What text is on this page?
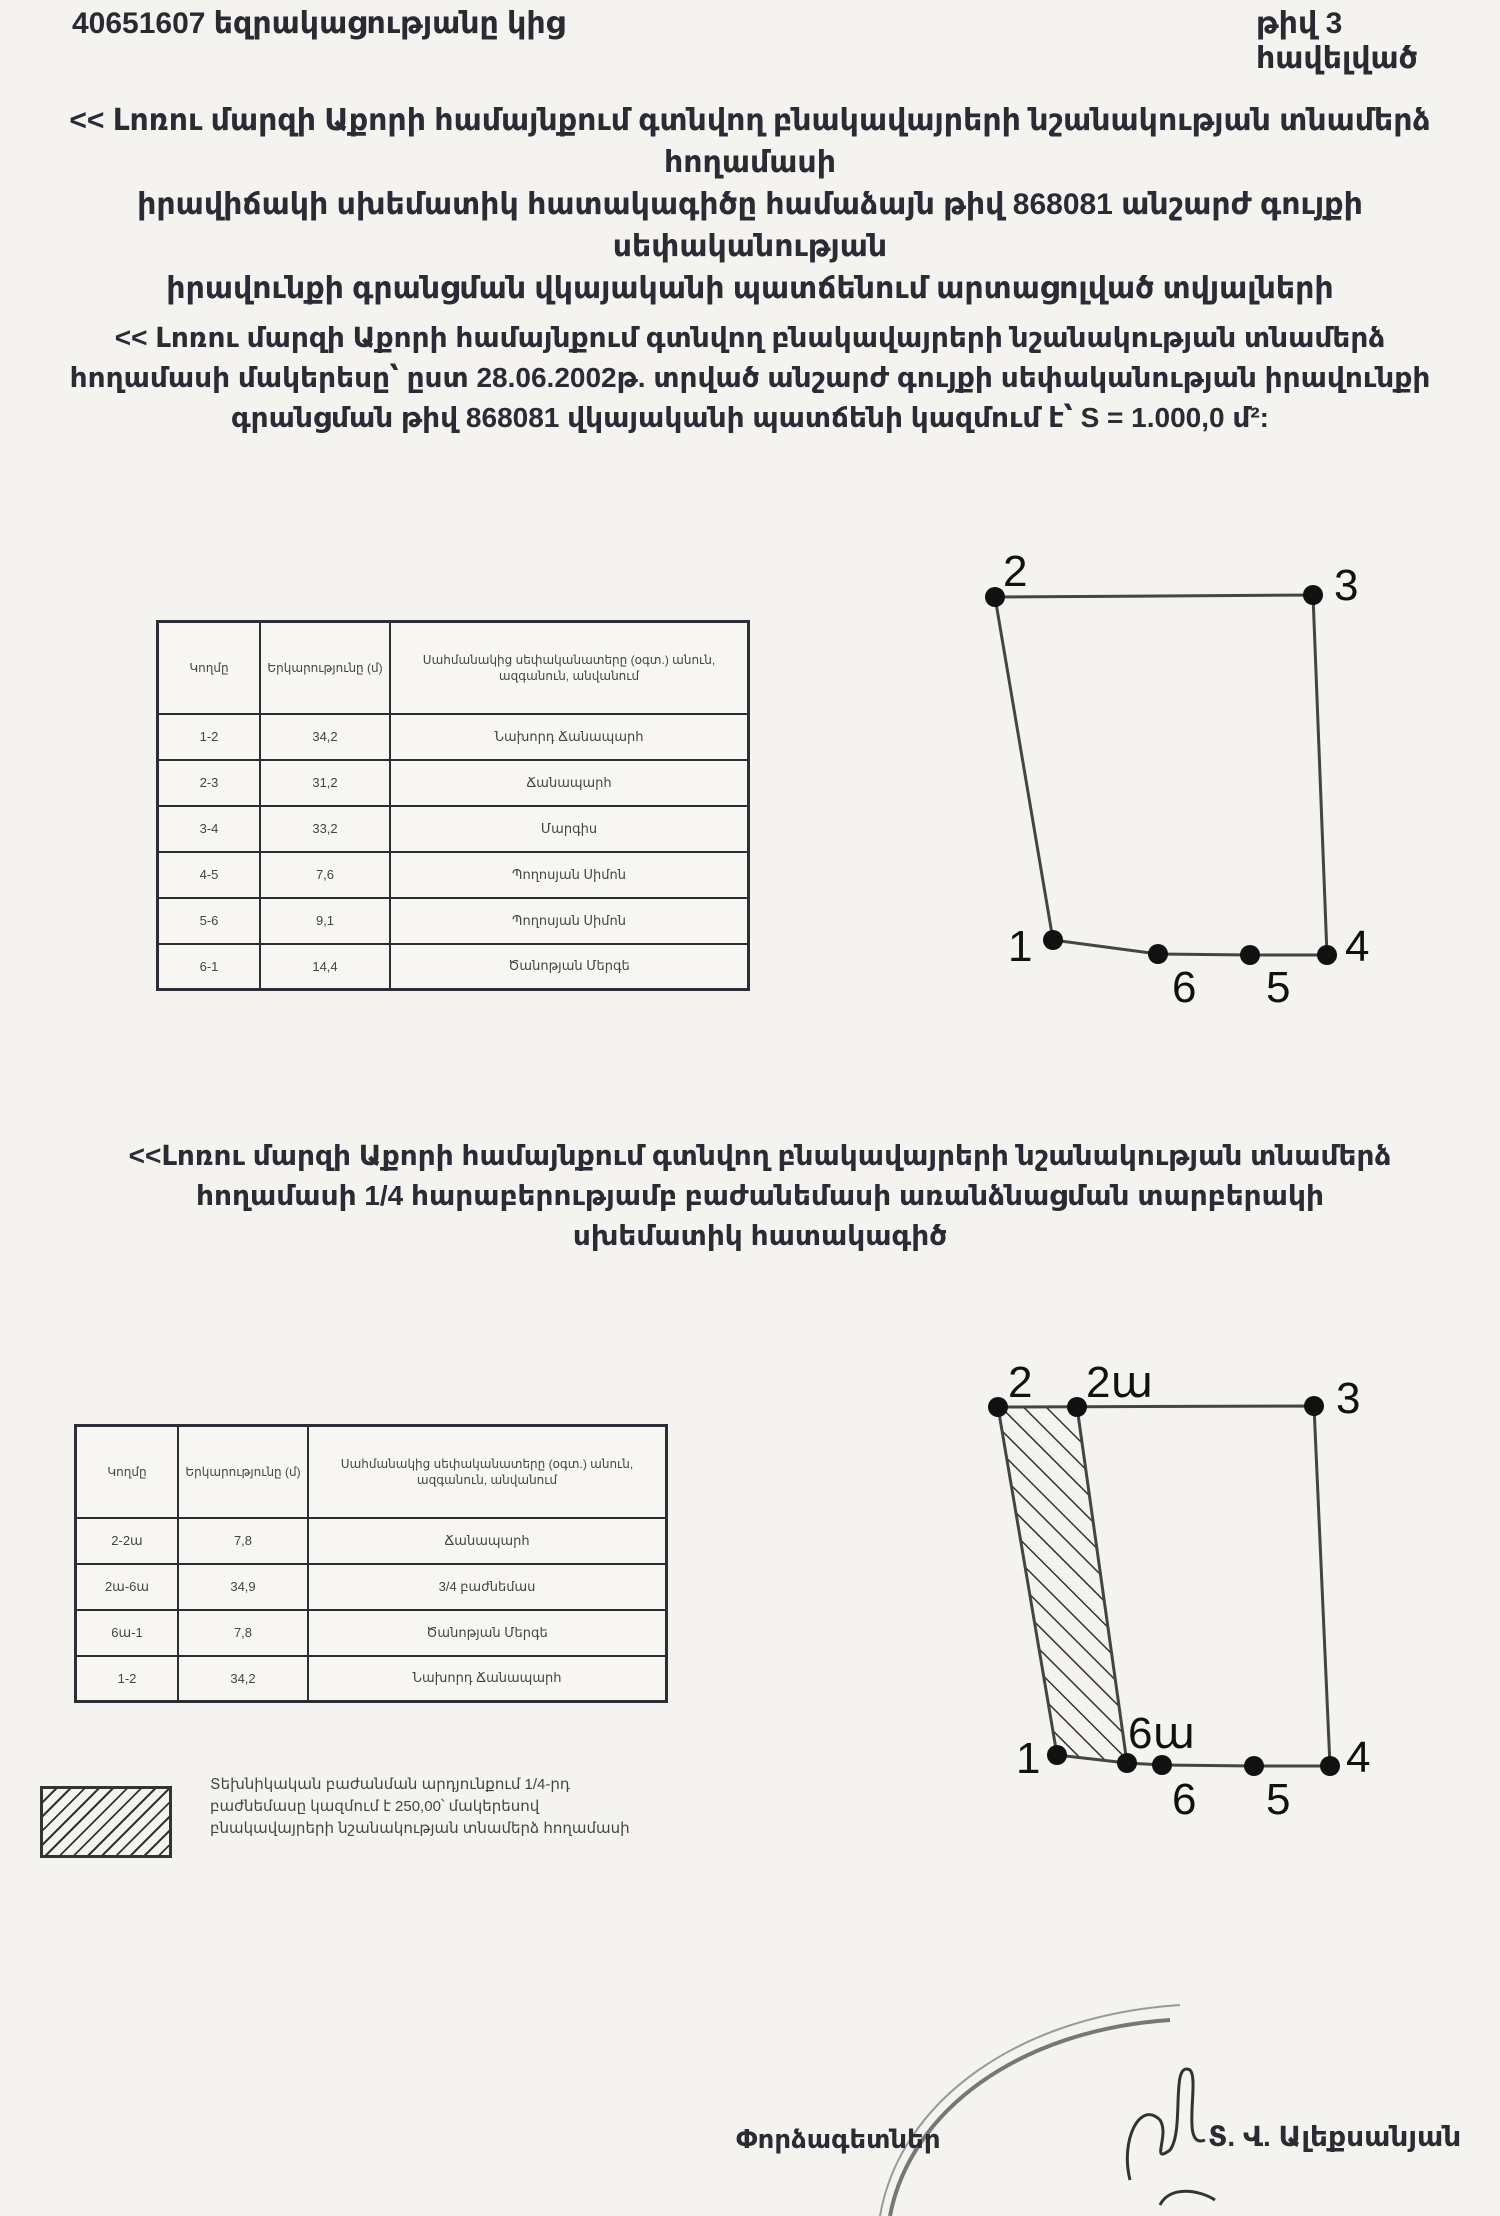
40651607 եզրակացությանը կից	թիվ 3 հավելված
<< Լոռու մարզի Աքորի համայնքում գտնվող բնակավայրերի նշանակության տնամերձ հողամասի
իրավիճակի սխեմատիկ հատակագիծը համաձայն թիվ 868081 անշարժ գույքի սեփականության
իրավունքի գրանցման վկայականի պատճենում արտացոլված տվյալների
<< Լոռու մարզի Աքորի համայնքում գտնվող բնակավայրերի նշանակության տնամերձ
հողամասի մակերեսը՝ ըստ 28.06.2002թ. տրված անշարժ գույքի սեփականության իրավունքի
գրանցման թիվ 868081 վկայականի պատճենի կազմում է՝ S = 1.000,0 մ²:
Կողմը	Երկարությունը (մ)	Սահմանակից սեփականատերը (օգտ.) անուն, ազգանուն, անվանում
1-2	34,2	Նախորդ Ճանապարհ
2-3	31,2	Ճանապարհ
3-4	33,2	Մարգիս
4-5	7,6	Պողոսյան Սիմոն
5-6	9,1	Պողոսյան Սիմոն
6-1	14,4	Ծանոթյան Մերգե
2	3
4
5
6
1
<<Լոռու մարզի Աքորի համայնքում գտնվող բնակավայրերի նշանակության տնամերձ
հողամասի 1/4 հարաբերությամբ բաժանեմասի առանձնացման տարբերակի
սխեմատիկ հատակագիծ
Կողմը	Երկարությունը (մ)	Սահմանակից սեփականատերը (օգտ.) անուն, ազգանուն, անվանում
2-2ա	7,8	Ճանապարհ
2ա-6ա	34,9	3/4 բաժնեմաս
6ա-1	7,8	Ծանոթյան Մերգե
1-2	34,2	Նախորդ Ճանապարհ
2 2ա	3
4
5
6
6ա
1
Տեխնիկական բաժանման արդյունքում 1/4-րդ
բաժնեմասը կազմում է 250,00՝ մակերեսով
բնակավայրերի նշանակության տնամերձ հողամասի
Փորձագետներ	Տ. Վ. Ալեքսանյան
